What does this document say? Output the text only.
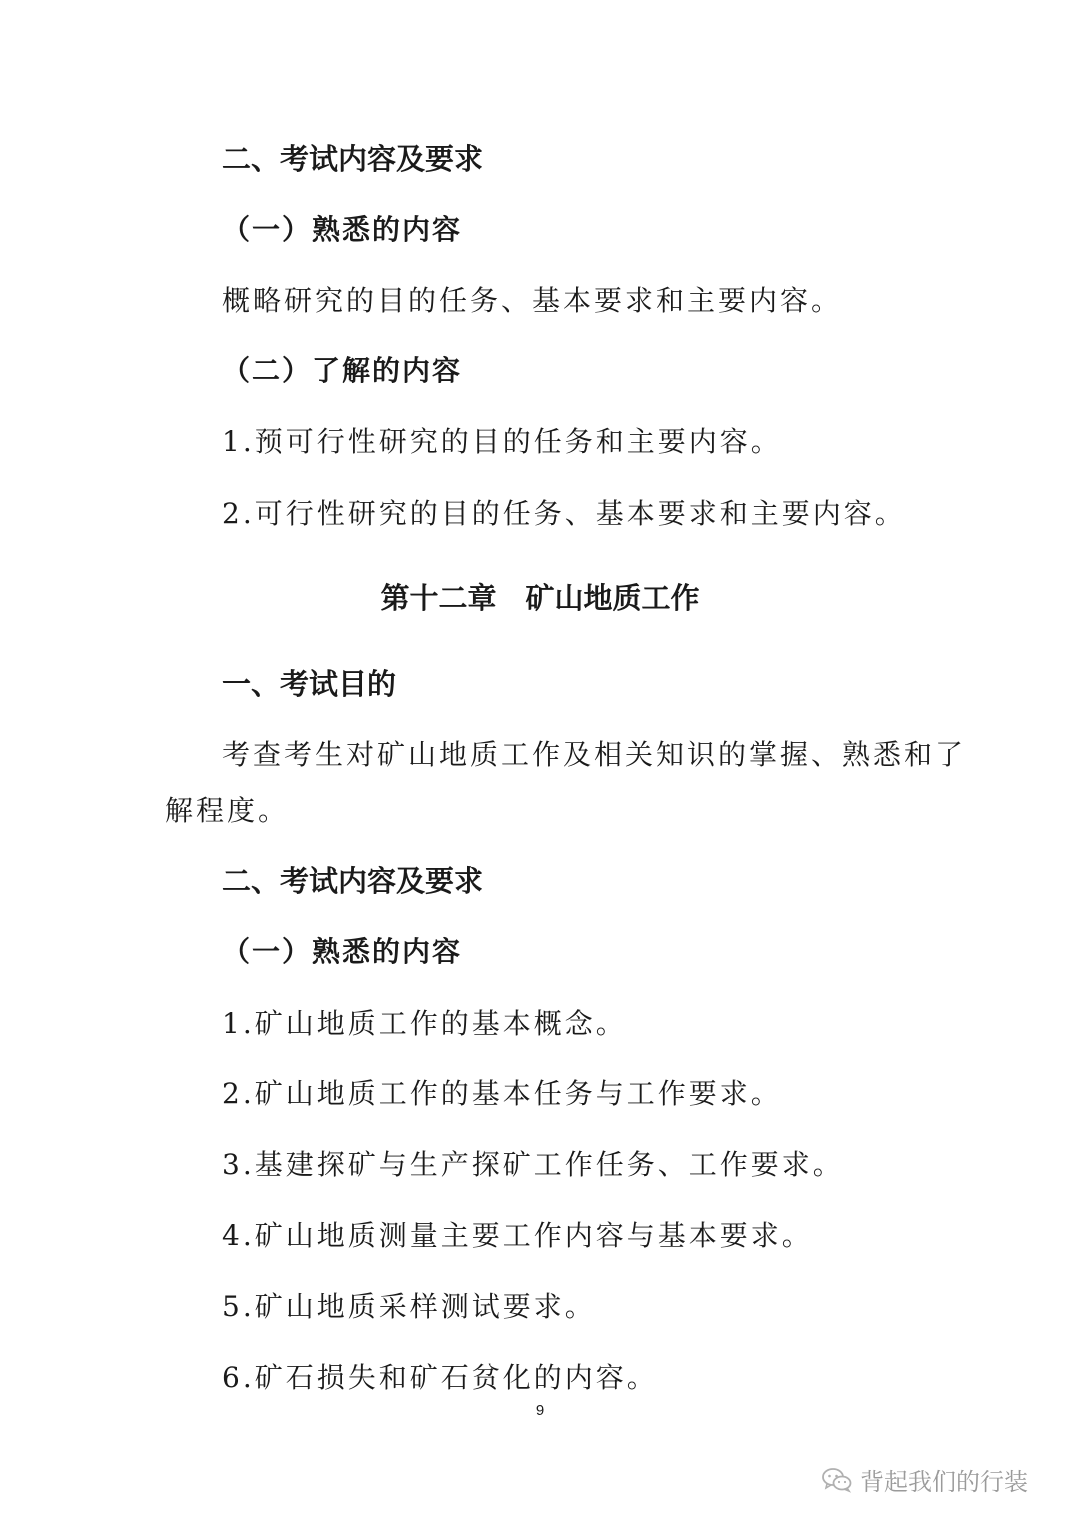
二、考试内容及要求
（一）熟悉的内容
概略研究的目的任务、基本要求和主要内容。
（二）了解的内容
1.预可行性研究的目的任务和主要内容。
2.可行性研究的目的任务、基本要求和主要内容。
第十二章　矿山地质工作
一、考试目的
考查考生对矿山地质工作及相关知识的掌握、熟悉和了
解程度。
二、考试内容及要求
（一）熟悉的内容
1.矿山地质工作的基本概念。
2.矿山地质工作的基本任务与工作要求。
3.基建探矿与生产探矿工作任务、工作要求。
4.矿山地质测量主要工作内容与基本要求。
5.矿山地质采样测试要求。
6.矿石损失和矿石贫化的内容。
9
背起我们的行装
